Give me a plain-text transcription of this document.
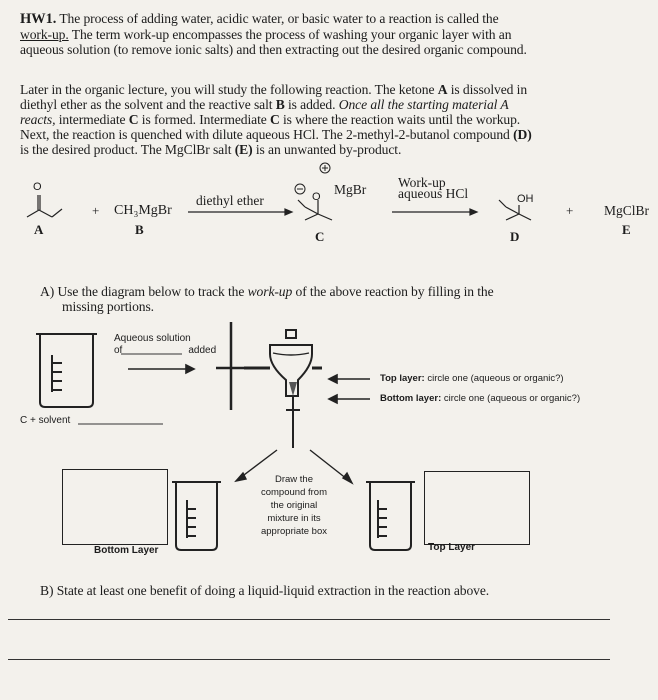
HW1. The process of adding water, acidic water, or basic water to a reaction is called the
work-up. The term work-up encompasses the process of washing your organic layer with an
aqueous solution (to remove ionic salts) and then extracting out the desired organic compound.
Later in the organic lecture, you will study the following reaction. The ketone A is dissolved in
diethyl ether as the solvent and the reactive salt B is added. Once all the starting material A
reacts, intermediate C is formed. Intermediate C is where the reaction waits until the workup.
Next, the reaction is quenched with dilute aqueous HCl. The 2-methyl-2-butanol compound (D)
is the desired product. The MgClBr salt (E) is an unwanted by-product.
O
+ CH₃MgBr
diethyl ether
MgBr
O
Work-up
aqueous HCl	OH
+ MgClBr
A	B	C	D	E
A) Use the diagram below to track the work-up of the above reaction by filling in the
missing portions.
Aqueous solution
of	added
C + solvent
Top layer: circle one (aqueous or organic?)
Bottom layer: circle one (aqueous or organic?)
Draw the
compound from
the original
mixture in its
appropriate box
Bottom Layer	Top Layer
B) State at least one benefit of doing a liquid-liquid extraction in the reaction above.
